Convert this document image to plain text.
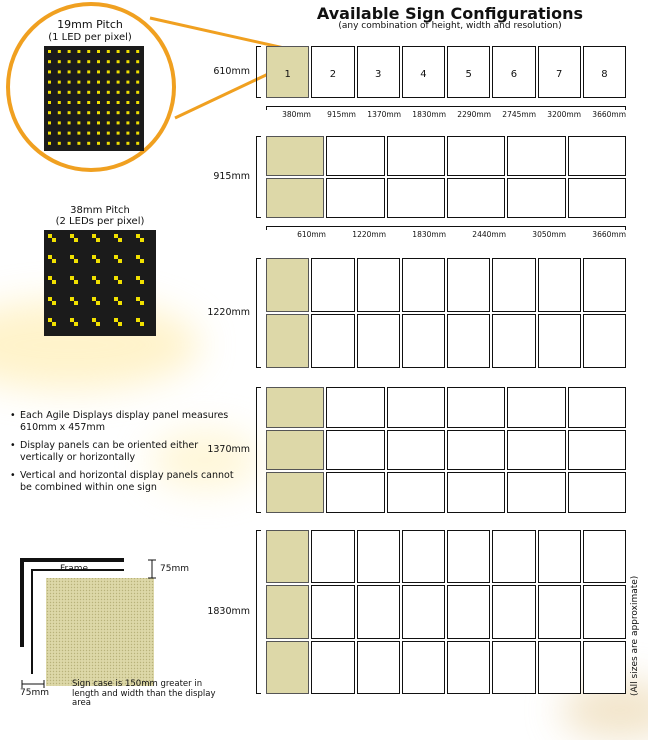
Available Sign Configurations
(any combination of height, width and resolution)
19mm Pitch
(1 LED per pixel)
38mm Pitch
(2 LEDs per pixel)
610mm	1	2	3	4	5	6	7	8
380mm	915mm	1370mm	1830mm	2290mm	2745mm	3200mm	3660mm
915mm
610mm	1220mm	1830mm	2440mm	3050mm	3660mm
1220mm
1370mm
1830mm
• Each Agile Displays display panel measures 610mm x 457mm
• Display panels can be oriented either vertically or horizontally
• Vertical and horizontal display panels cannot be combined within one sign
Frame	75mm
75mm
Sign case is 150mm greater in length and width than the display area
(All sizes are approximate)
